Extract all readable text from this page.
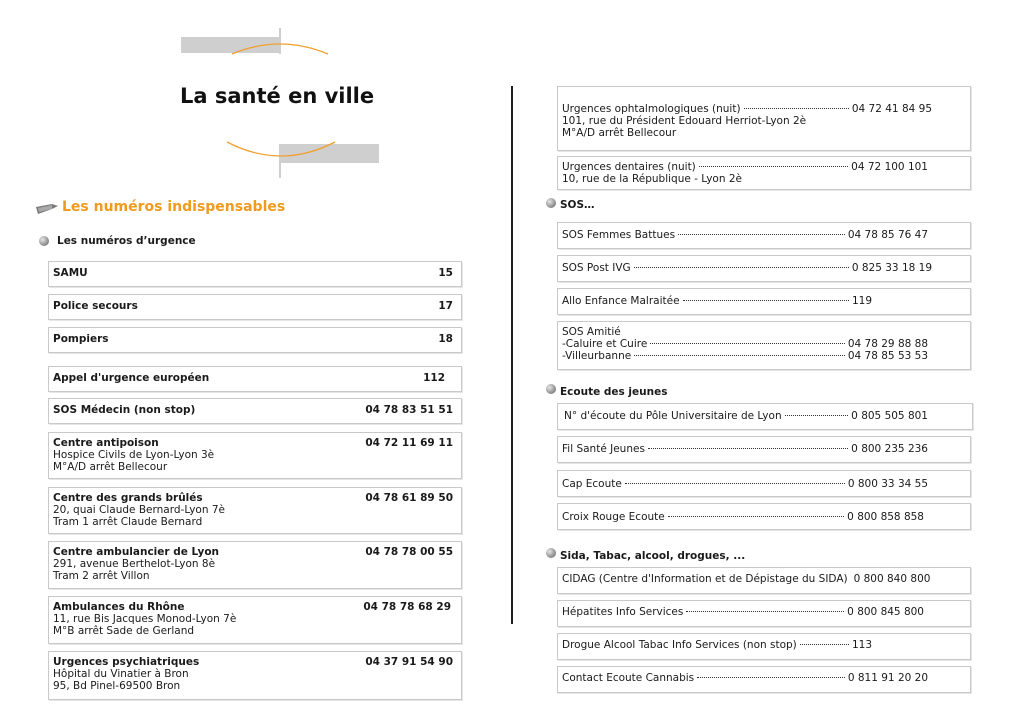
La santé en ville
Les numéros indispensables
Les numéros d’urgence
SAMU	15
Police secours	17
Pompiers	18
Appel d'urgence européen	112
SOS Médecin (non stop)	04 78 83 51 51
Centre antipoison	04 72 11 69 11
Hospice Civils de Lyon-Lyon 3è
M°A/D arrêt Bellecour
Centre des grands brûlés	04 78 61 89 50
20, quai Claude Bernard-Lyon 7è
Tram 1 arrêt Claude Bernard
Centre ambulancier de Lyon	04 78 78 00 55
291, avenue Berthelot-Lyon 8è
Tram 2 arrêt Villon
Ambulances du Rhône	04 78 78 68 29
11, rue Bis Jacques Monod-Lyon 7è
M°B arrêt Sade de Gerland
Urgences psychiatriques	04 37 91 54 90
Hôpital du Vinatier à Bron
95, Bd Pinel-69500 Bron
Urgences ophtalmologiques (nuit)	04 72 41 84 95
101, rue du Président Edouard Herriot-Lyon 2è
M°A/D arrêt Bellecour
Urgences dentaires (nuit)	04 72 100 101
10, rue de la République - Lyon 2è
SOS…
SOS Femmes Battues	04 78 85 76 47
SOS Post IVG	0 825 33 18 19
Allo Enfance Malraitée	119
SOS Amitié
-Caluire et Cuire	04 78 29 88 88
-Villeurbanne	04 78 85 53 53
Ecoute des jeunes
N° d'écoute du Pôle Universitaire de Lyon	0 805 505 801
Fil Santé Jeunes	0 800 235 236
Cap Ecoute	0 800 33 34 55
Croix Rouge Ecoute	0 800 858 858
Sida, Tabac, alcool, drogues, ...
CIDAG (Centre d'Information et de Dépistage du SIDA) 0 800 840 800
Hépatites Info Services	0 800 845 800
Drogue Alcool Tabac Info Services (non stop)	113
Contact Ecoute Cannabis	0 811 91 20 20
